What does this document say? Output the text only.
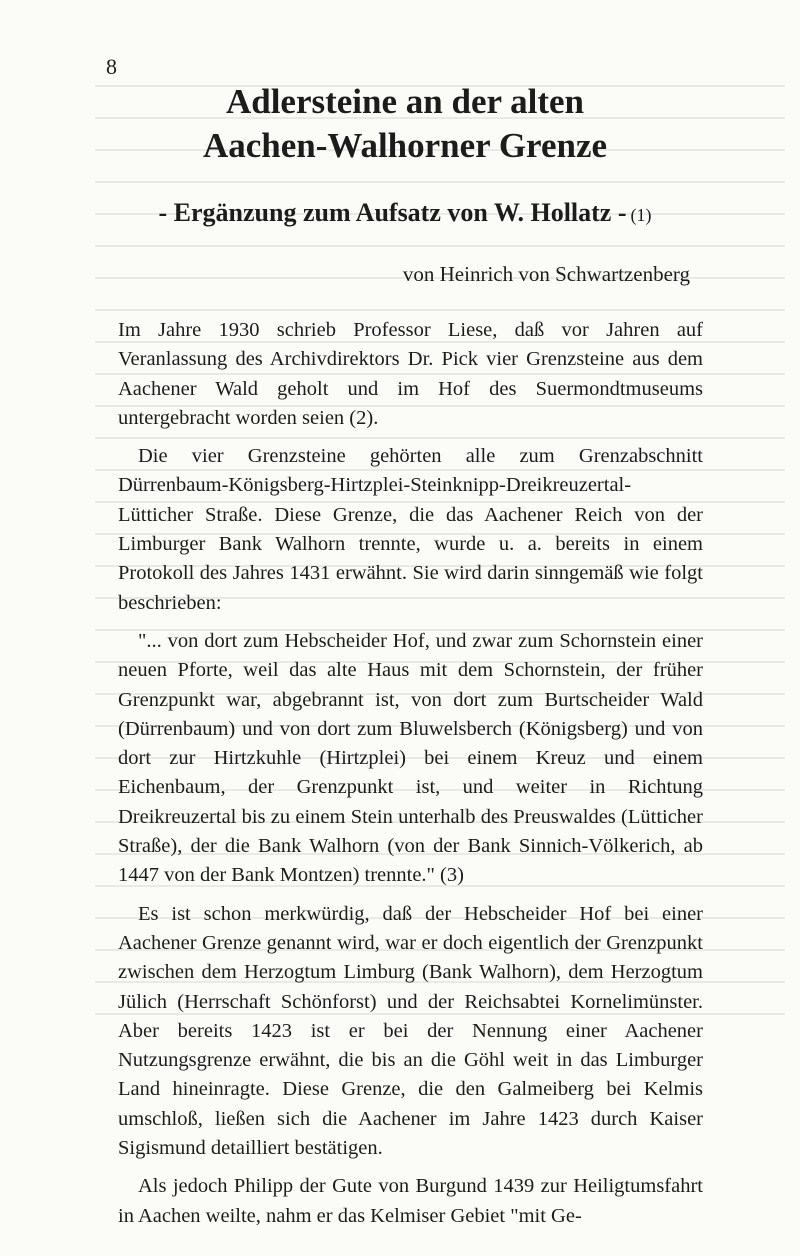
8
Adlersteine an der alten
Aachen-Walhorner Grenze
- Ergänzung zum Aufsatz von W. Hollatz - (1)
von Heinrich von Schwartzenberg

Im Jahre 1930 schrieb Professor Liese, daß vor Jahren auf Veranlassung des Archivdirektors Dr. Pick vier Grenzsteine aus dem Aachener Wald geholt und im Hof des Suermondtmuseums untergebracht worden seien (2).

Die vier Grenzsteine gehörten alle zum Grenzabschnitt Dürrenbaum-Königsberg-Hirtzplei-Steinknipp-Dreikreuzertal-Lütticher Straße. Diese Grenze, die das Aachener Reich von der Limburger Bank Walhorn trennte, wurde u. a. bereits in einem Protokoll des Jahres 1431 erwähnt. Sie wird darin sinngemäß wie folgt beschrieben:

"... von dort zum Hebscheider Hof, und zwar zum Schornstein einer neuen Pforte, weil das alte Haus mit dem Schornstein, der früher Grenzpunkt war, abgebrannt ist, von dort zum Burtscheider Wald (Dürrenbaum) und von dort zum Bluwelsberch (Königsberg) und von dort zur Hirtzkuhle (Hirtzplei) bei einem Kreuz und einem Eichenbaum, der Grenzpunkt ist, und weiter in Richtung Dreikreuzertal bis zu einem Stein unterhalb des Preuswaldes (Lütticher Straße), der die Bank Walhorn (von der Bank Sinnich-Völkerich, ab 1447 von der Bank Montzen) trennte." (3)

Es ist schon merkwürdig, daß der Hebscheider Hof bei einer Aachener Grenze genannt wird, war er doch eigentlich der Grenzpunkt zwischen dem Herzogtum Limburg (Bank Walhorn), dem Herzogtum Jülich (Herrschaft Schönforst) und der Reichsabtei Kornelimünster. Aber bereits 1423 ist er bei der Nennung einer Aachener Nutzungsgrenze erwähnt, die bis an die Göhl weit in das Limburger Land hineinragte. Diese Grenze, die den Galmeiberg bei Kelmis umschloß, ließen sich die Aachener im Jahre 1423 durch Kaiser Sigismund detailliert bestätigen.

Als jedoch Philipp der Gute von Burgund 1439 zur Heiligtumsfahrt in Aachen weilte, nahm er das Kelmiser Gebiet "mit Ge-
